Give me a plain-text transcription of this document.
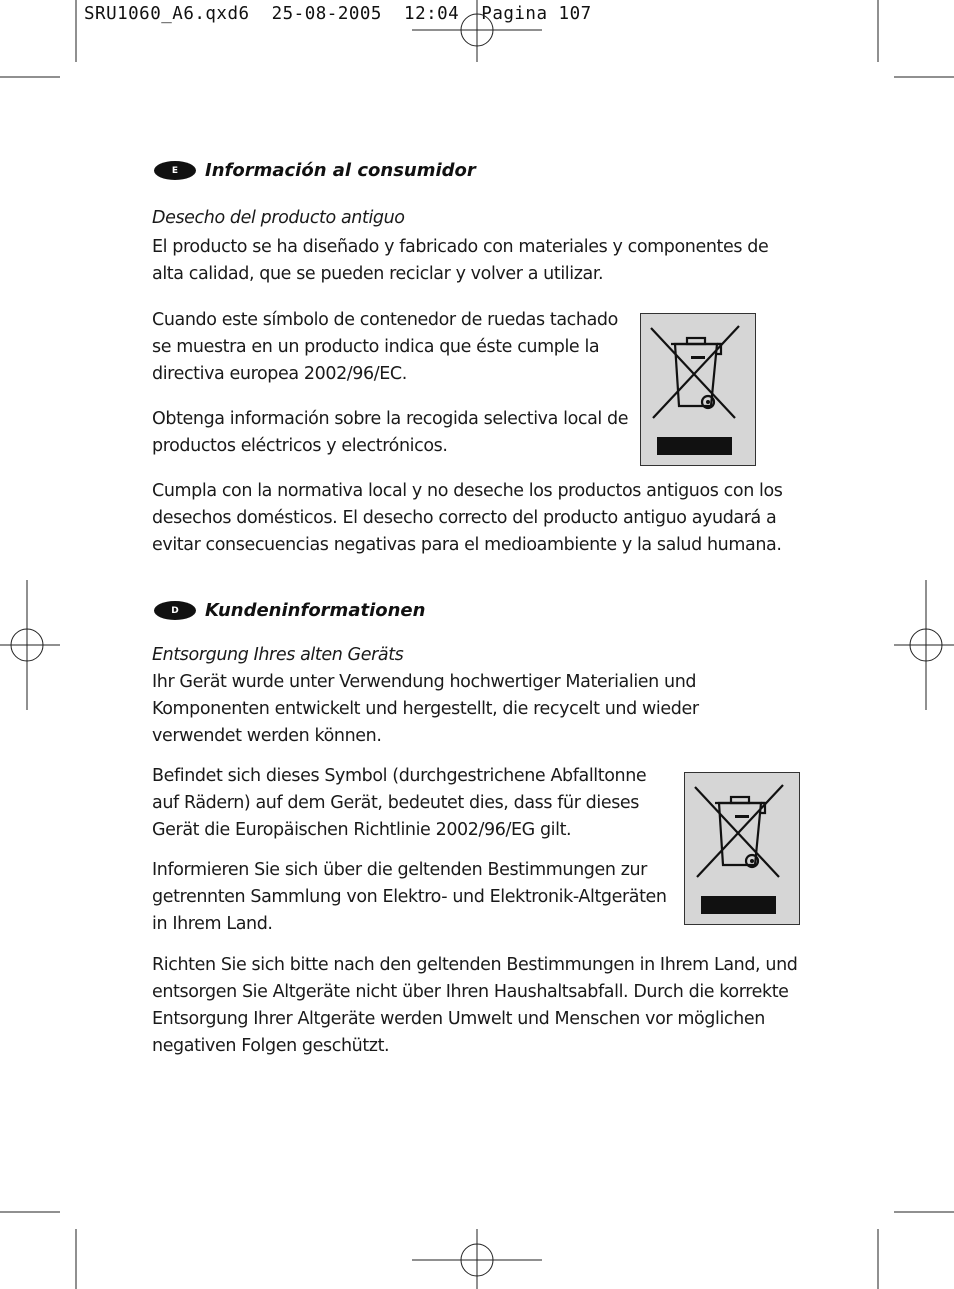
SRU1060_A6.qxd6  25-08-2005  12:04  Pagina 107

E	Información al consumidor

Desecho del producto antiguo

El producto se ha diseñado y fabricado con materiales y componentes de alta calidad, que se pueden reciclar y volver a utilizar.

Cuando este símbolo de contenedor de ruedas tachado se muestra en un producto indica que éste cumple la directiva europea 2002/96/EC.

Obtenga información sobre la recogida selectiva local de productos eléctricos y electrónicos.

Cumpla con la normativa local y no deseche los productos antiguos con los desechos domésticos. El desecho correcto del producto antiguo ayudará a evitar consecuencias negativas para el medioambiente y la salud humana.

D	Kundeninformationen

Entsorgung Ihres alten Geräts

Ihr Gerät wurde unter Verwendung hochwertiger Materialien und Komponenten entwickelt und hergestellt, die recycelt und wieder verwendet werden können.

Befindet sich dieses Symbol (durchgestrichene Abfalltonne auf Rädern) auf dem Gerät, bedeutet dies, dass für dieses Gerät die Europäischen Richtlinie 2002/96/EG gilt.

Informieren Sie sich über die geltenden Bestimmungen zur getrennten Sammlung von Elektro- und Elektronik-Altgeräten in Ihrem Land.

Richten Sie sich bitte nach den geltenden Bestimmungen in Ihrem Land, und entsorgen Sie Altgeräte nicht über Ihren Haushaltsabfall. Durch die korrekte Entsorgung Ihrer Altgeräte werden Umwelt und Menschen vor möglichen negativen Folgen geschützt.
